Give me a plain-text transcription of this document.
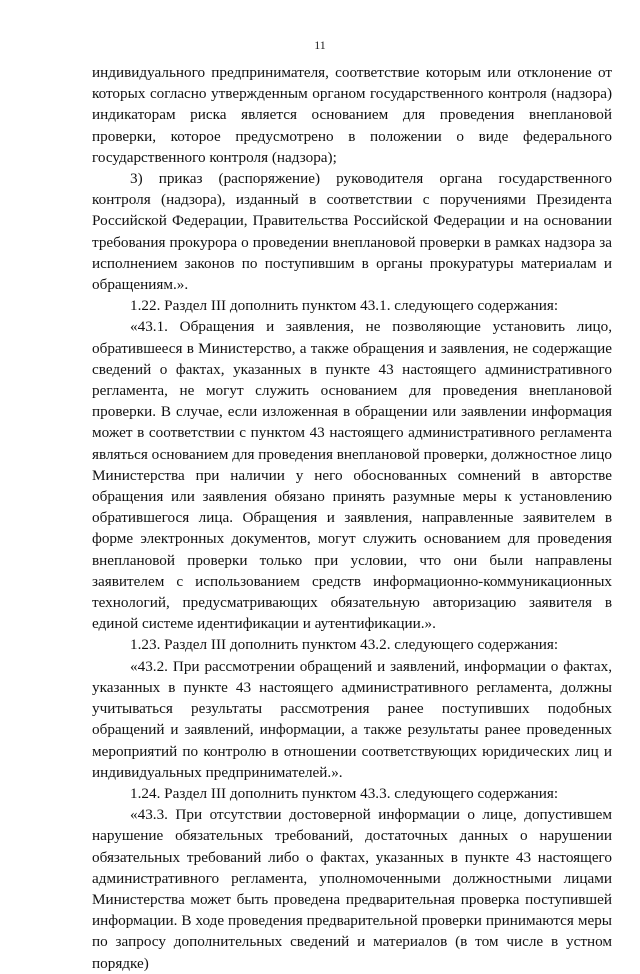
11

индивидуального предпринимателя, соответствие которым или отклонение от которых согласно утвержденным органом государственного контроля (надзора) индикаторам риска является основанием для проведения внеплановой проверки, которое предусмотрено в положении о виде федерального государственного контроля (надзора);

3) приказ (распоряжение) руководителя органа государственного контроля (надзора), изданный в соответствии с поручениями Президента Российской Федерации, Правительства Российской Федерации и на основании требования прокурора о проведении внеплановой проверки в рамках надзора за исполнением законов по поступившим в органы прокуратуры материалам и обращениям.».

1.22. Раздел III дополнить пунктом 43.1. следующего содержания:

«43.1. Обращения и заявления, не позволяющие установить лицо, обратившееся в Министерство, а также обращения и заявления, не содержащие сведений о фактах, указанных в пункте 43 настоящего административного регламента, не могут служить основанием для проведения внеплановой проверки. В случае, если изложенная в обращении или заявлении информация может в соответствии с пунктом 43 настоящего административного регламента являться основанием для проведения внеплановой проверки, должностное лицо Министерства при наличии у него обоснованных сомнений в авторстве обращения или заявления обязано принять разумные меры к установлению обратившегося лица. Обращения и заявления, направленные заявителем в форме электронных документов, могут служить основанием для проведения внеплановой проверки только при условии, что они были направлены заявителем с использованием средств информационно-коммуникационных технологий, предусматривающих обязательную авторизацию заявителя в единой системе идентификации и аутентификации.».

1.23. Раздел III дополнить пунктом 43.2. следующего содержания:

«43.2. При рассмотрении обращений и заявлений, информации о фактах, указанных в пункте 43 настоящего административного регламента, должны учитываться результаты рассмотрения ранее поступивших подобных обращений и заявлений, информации, а также результаты ранее проведенных мероприятий по контролю в отношении соответствующих юридических лиц и индивидуальных предпринимателей.».

1.24. Раздел III дополнить пунктом 43.3. следующего содержания:

«43.3. При отсутствии достоверной информации о лице, допустившем нарушение обязательных требований, достаточных данных о нарушении обязательных требований либо о фактах, указанных в пункте 43 настоящего административного регламента, уполномоченными должностными лицами Министерства может быть проведена предварительная проверка поступившей информации. В ходе проведения предварительной проверки принимаются меры по запросу дополнительных сведений и материалов (в том числе в устном порядке)
